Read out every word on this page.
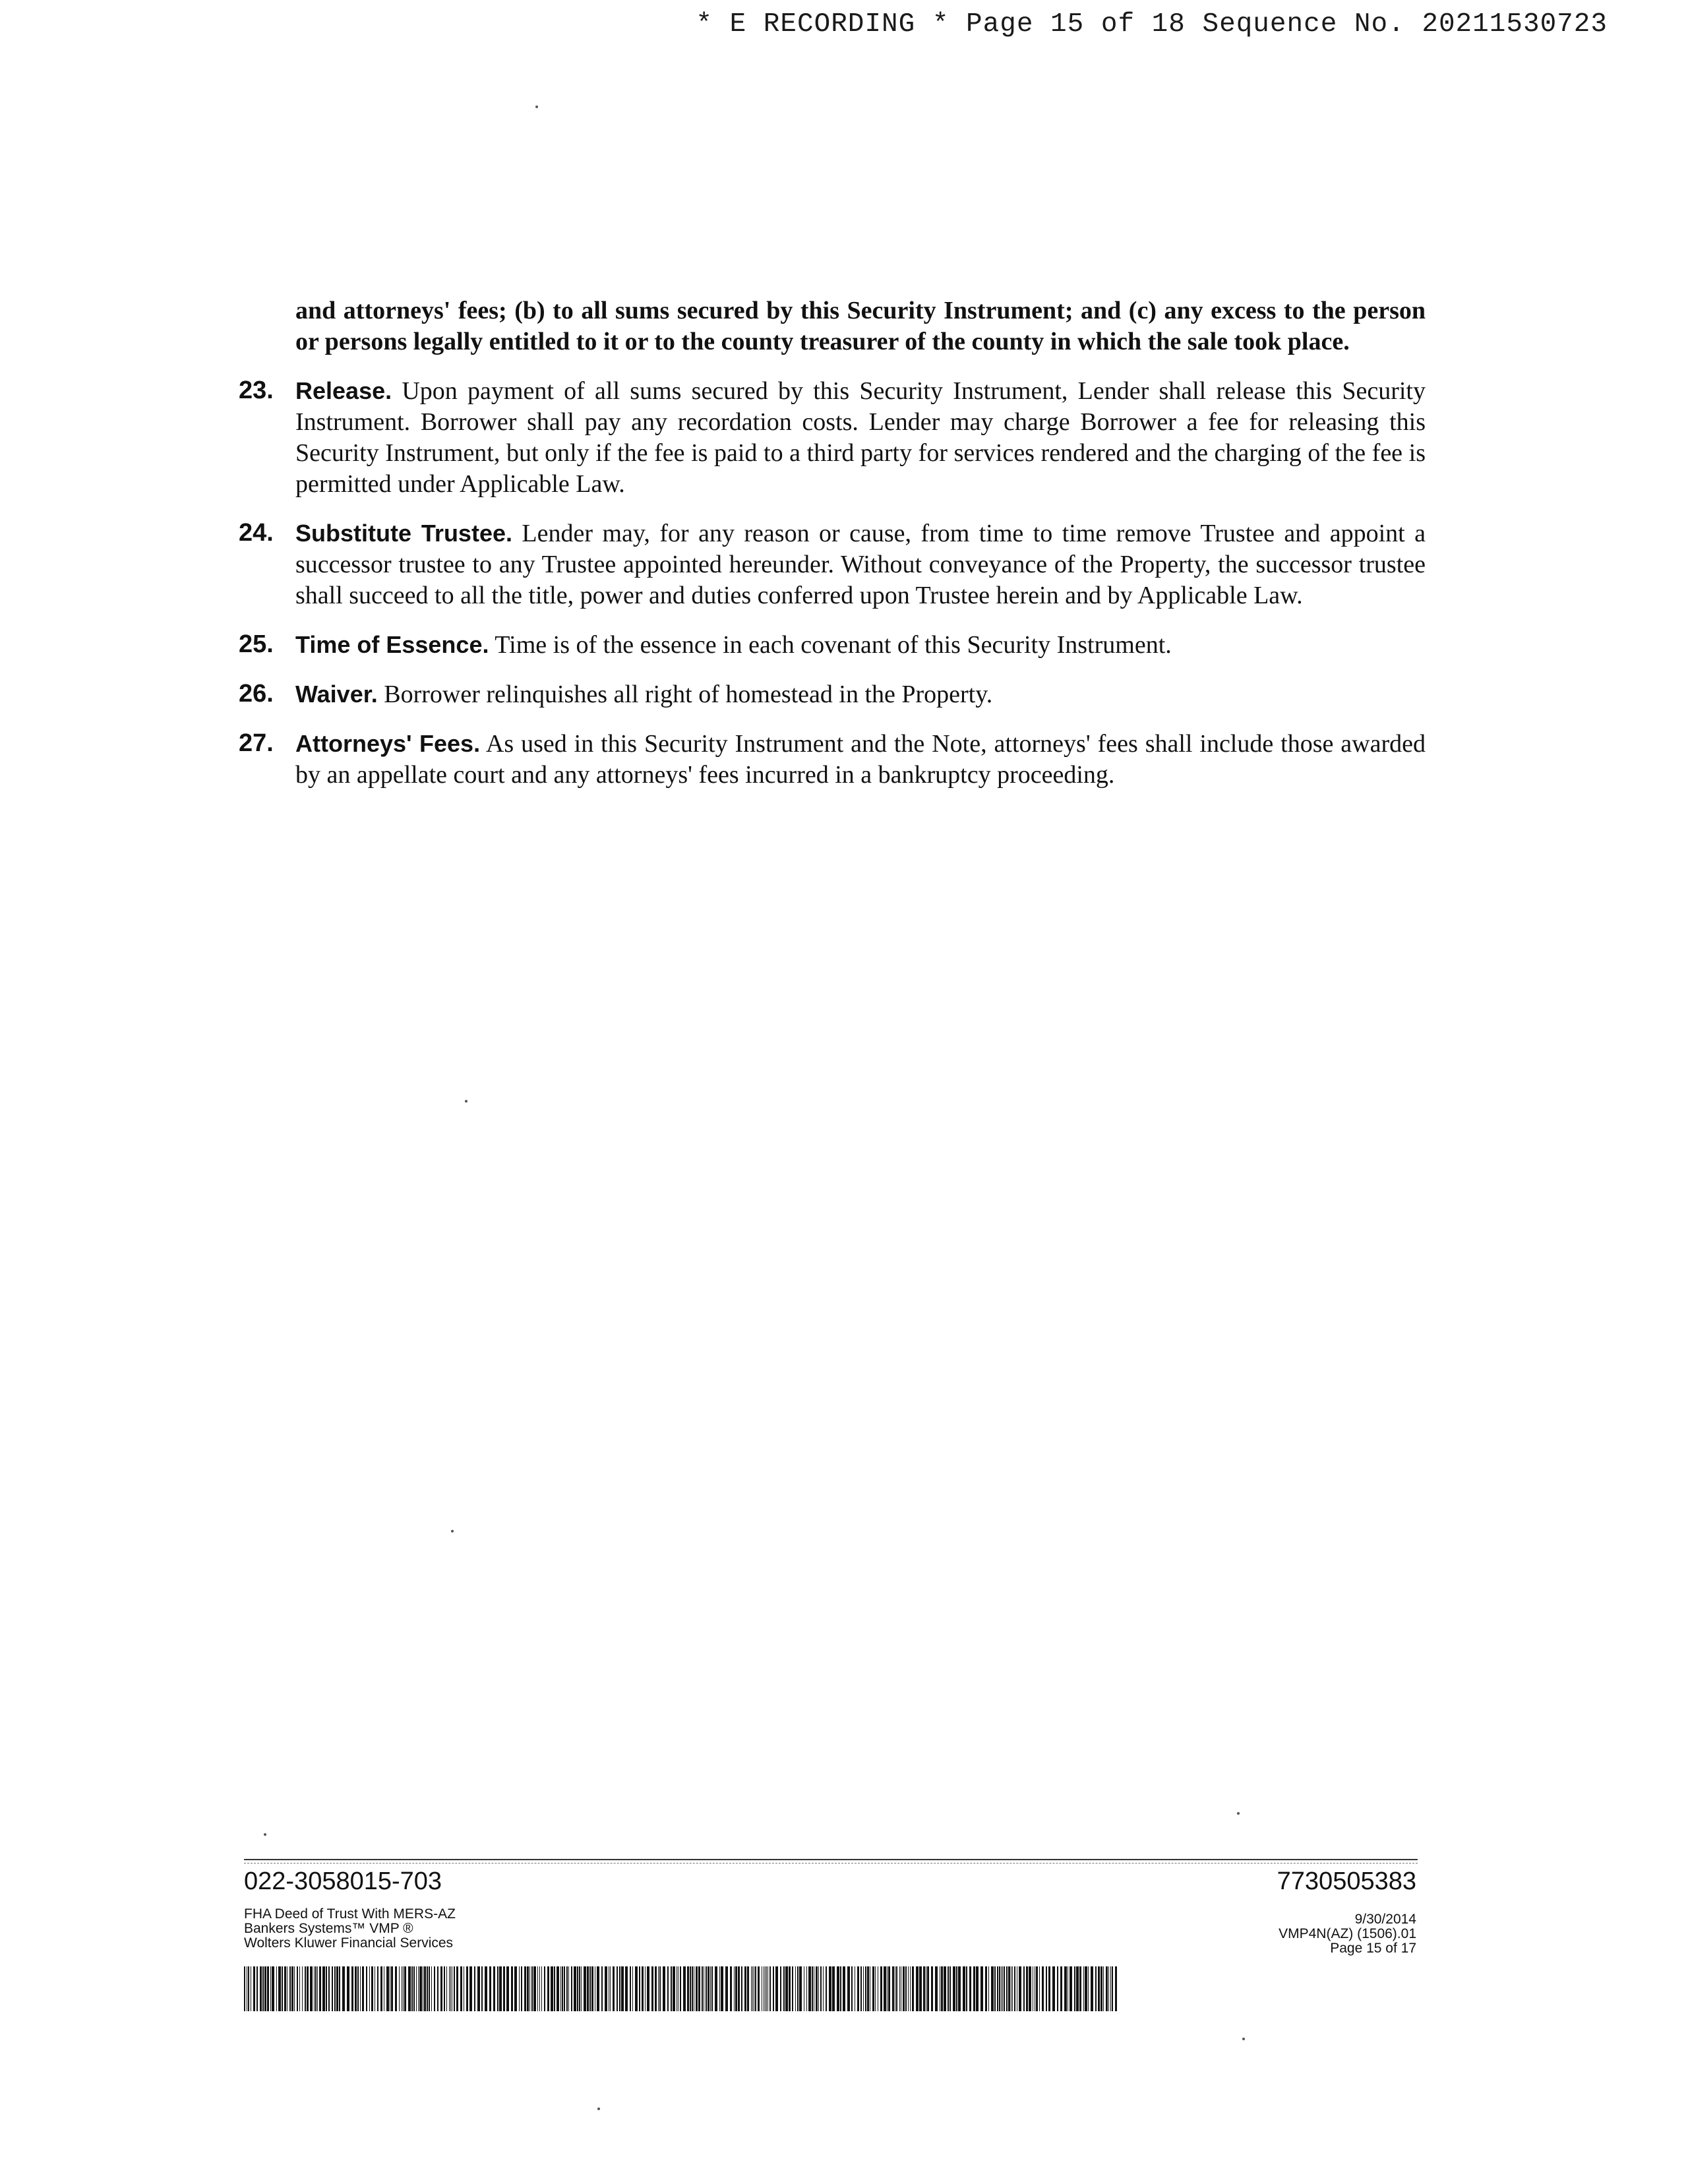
* E RECORDING * Page 15 of 18 Sequence No. 20211530723
and attorneys' fees; (b) to all sums secured by this Security Instrument; and (c) any excess to the person or persons legally entitled to it or to the county treasurer of the county in which the sale took place.
23. Release. Upon payment of all sums secured by this Security Instrument, Lender shall release this Security Instrument. Borrower shall pay any recordation costs. Lender may charge Borrower a fee for releasing this Security Instrument, but only if the fee is paid to a third party for services rendered and the charging of the fee is permitted under Applicable Law.
24. Substitute Trustee. Lender may, for any reason or cause, from time to time remove Trustee and appoint a successor trustee to any Trustee appointed hereunder. Without conveyance of the Property, the successor trustee shall succeed to all the title, power and duties conferred upon Trustee herein and by Applicable Law.
25. Time of Essence. Time is of the essence in each covenant of this Security Instrument.
26. Waiver. Borrower relinquishes all right of homestead in the Property.
27. Attorneys' Fees. As used in this Security Instrument and the Note, attorneys' fees shall include those awarded by an appellate court and any attorneys' fees incurred in a bankruptcy proceeding.
022-3058015-703	7730505383
FHA Deed of Trust With MERS-AZ
Bankers Systems™ VMP ®
Wolters Kluwer Financial Services
9/30/2014
VMP4N(AZ) (1506).01
Page 15 of 17
